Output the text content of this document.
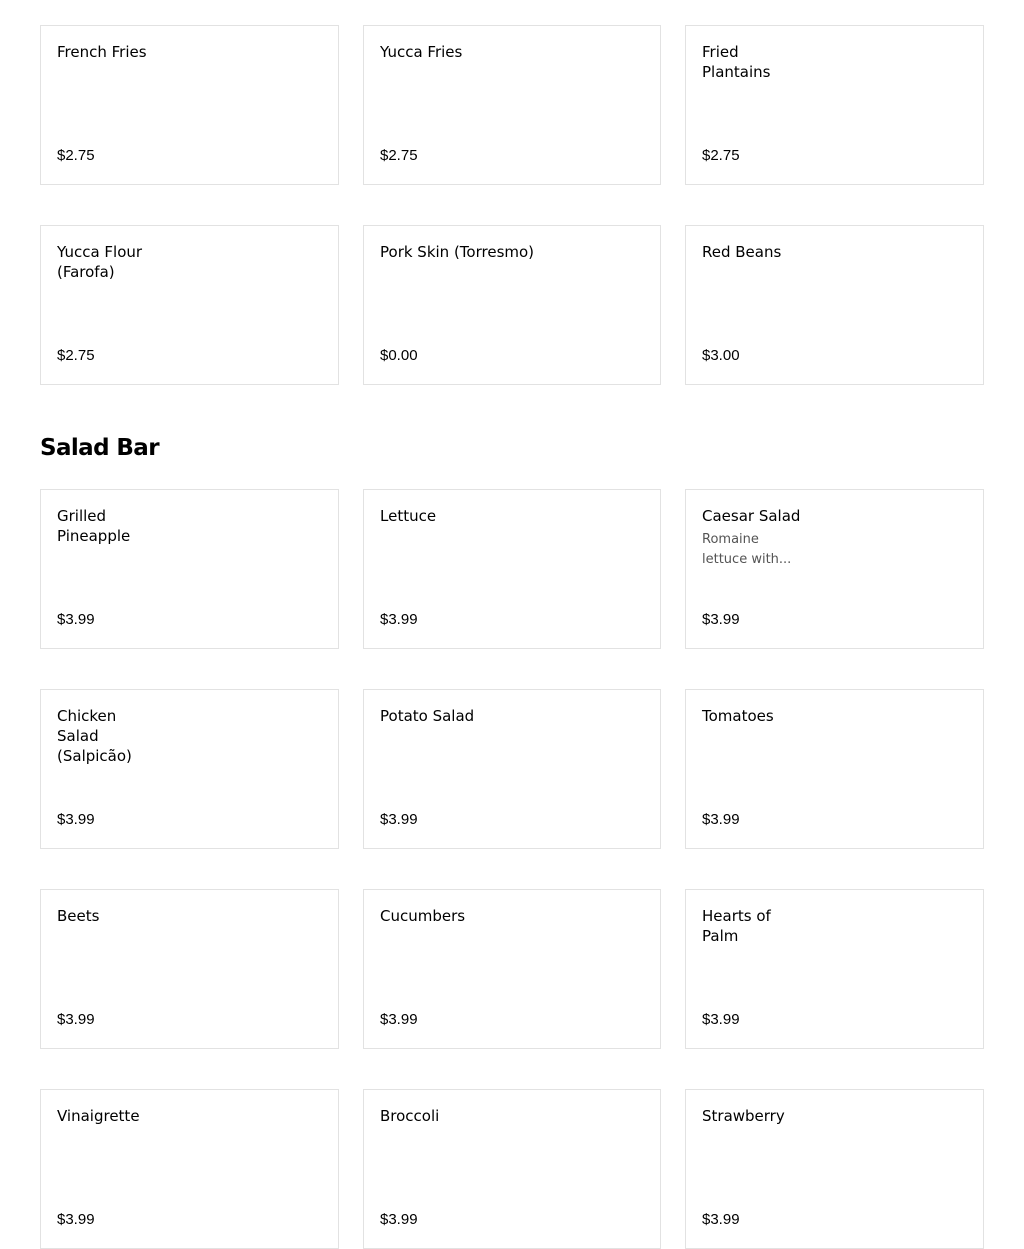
French Fries
$2.75
Yucca Fries
$2.75
Fried Plantains
$2.75
Yucca Flour (Farofa)
$2.75
Pork Skin (Torresmo)
$0.00
Red Beans
$3.00
Salad Bar
Grilled Pineapple
$3.99
Lettuce
$3.99
Caesar Salad
Romaine lettuce with...
$3.99
Chicken Salad (Salpicão)
$3.99
Potato Salad
$3.99
Tomatoes
$3.99
Beets
$3.99
Cucumbers
$3.99
Hearts of Palm
$3.99
Vinaigrette
$3.99
Broccoli
$3.99
Strawberry
$3.99
